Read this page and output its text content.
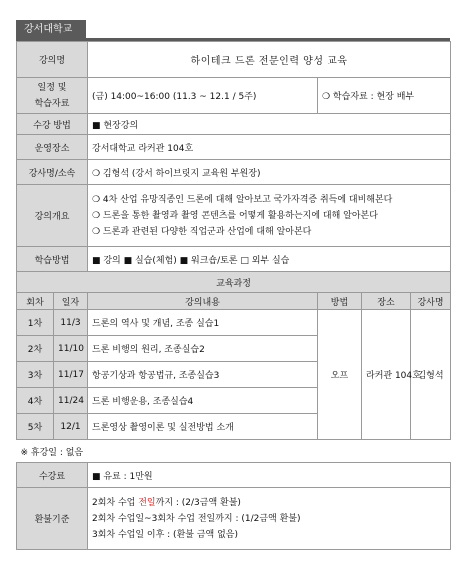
강서대학교
강의명		하이테크 드론 전문인력 양성 교육			

일정 및
학습자료		(금) 14:00~16:00 (11.3 ~ 12.1 / 5주)	❍ 학습자료 : 현장 배부		
수강 방법		■ 현장강의			
운영장소		강서대학교 라커관 104호			
강사명/소속		❍ 김형석 (강서 하이브릿지 교육원 부원장)			
강의개요		❍ 4차 산업 유망직종인 드론에 대해 알아보고 국가자격증 취득에 대비해본다
❍ 드론을 통한 촬영과 촬영 콘텐츠를 어떻게 활용하는지에 대해 알아본다
❍ 드론과 관련된 다양한 직업군과 산업에 대해 알아본다			

학습방법		■ 강의 ■ 실습(체험) ■ 워크숍/토론 □ 외부 실습			
교육과정					
회차	일자	강의내용	방법	장소	강사명
1차	11/3	드론의 역사 및 개념, 조종 실습1	오프	라커관 104호	김형석
2차	11/10	드론 비행의 원리, 조종실습2			
3차	11/17	항공기상과 항공법규, 조종실습3			
4차	11/24	드론 비행운용, 조종실습4			
5차	12/1	드론영상 촬영이론 및 실전방법 소개			
※ 휴강일 : 없음					
수강료		■ 유료 : 1만원			
환불기준		2회차 수업 전일까지 : (2/3금액 환불)
2회차 수업일~3회차 수업 전일까지 : (1/2금액 환불)
3회차 수업일 이후 : (환불 금액 없음)			
